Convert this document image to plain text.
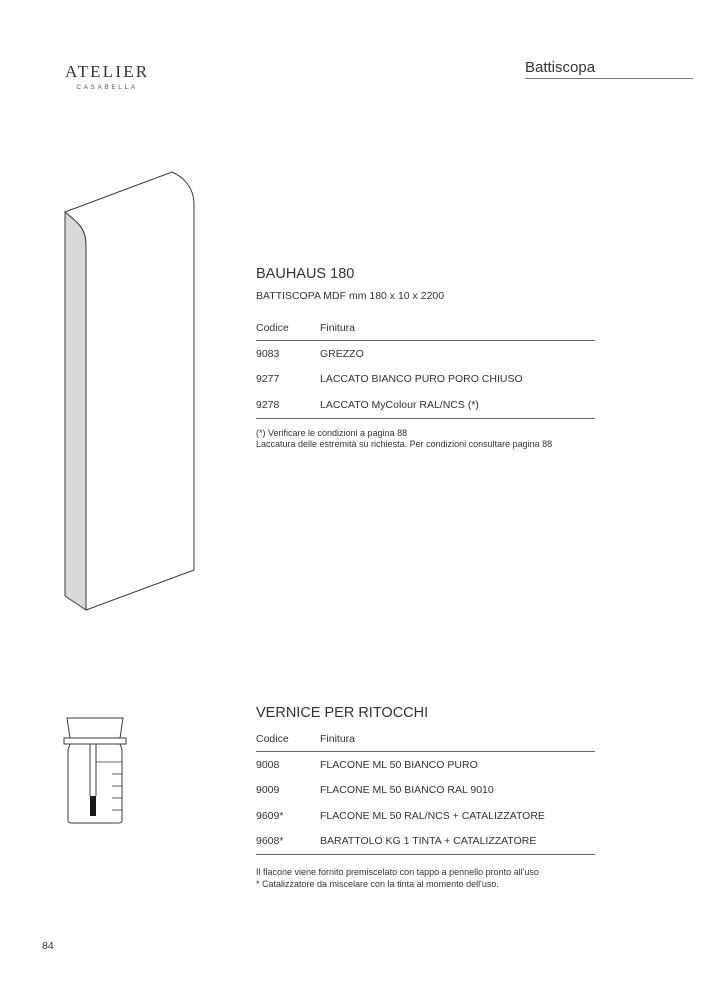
ATELIER
CASABELLA
Battiscopa
BAUHAUS 180
BATTISCOPA MDF mm 180 x 10 x 2200
Codice	Finitura
9083	GREZZO
9277	LACCATO BIANCO PURO PORO CHIUSO
9278	LACCATO MyColour RAL/NCS (*)
(*) Verificare le condizioni a pagina 88
Laccatura delle estremità su richiesta. Per condizioni consultare pagina 88
VERNICE PER RITOCCHI
Codice	Finitura
9008	FLACONE ML 50 BIANCO PURO
9009	FLACONE ML 50 BIANCO RAL 9010
9609*	FLACONE ML 50 RAL/NCS + CATALIZZATORE
9608*	BARATTOLO KG 1 TINTA + CATALIZZATORE
Il flacone viene fornito premiscelato con tappo a pennello pronto all'uso
* Catalizzatore da miscelare con la tinta al momento dell'uso.
84
